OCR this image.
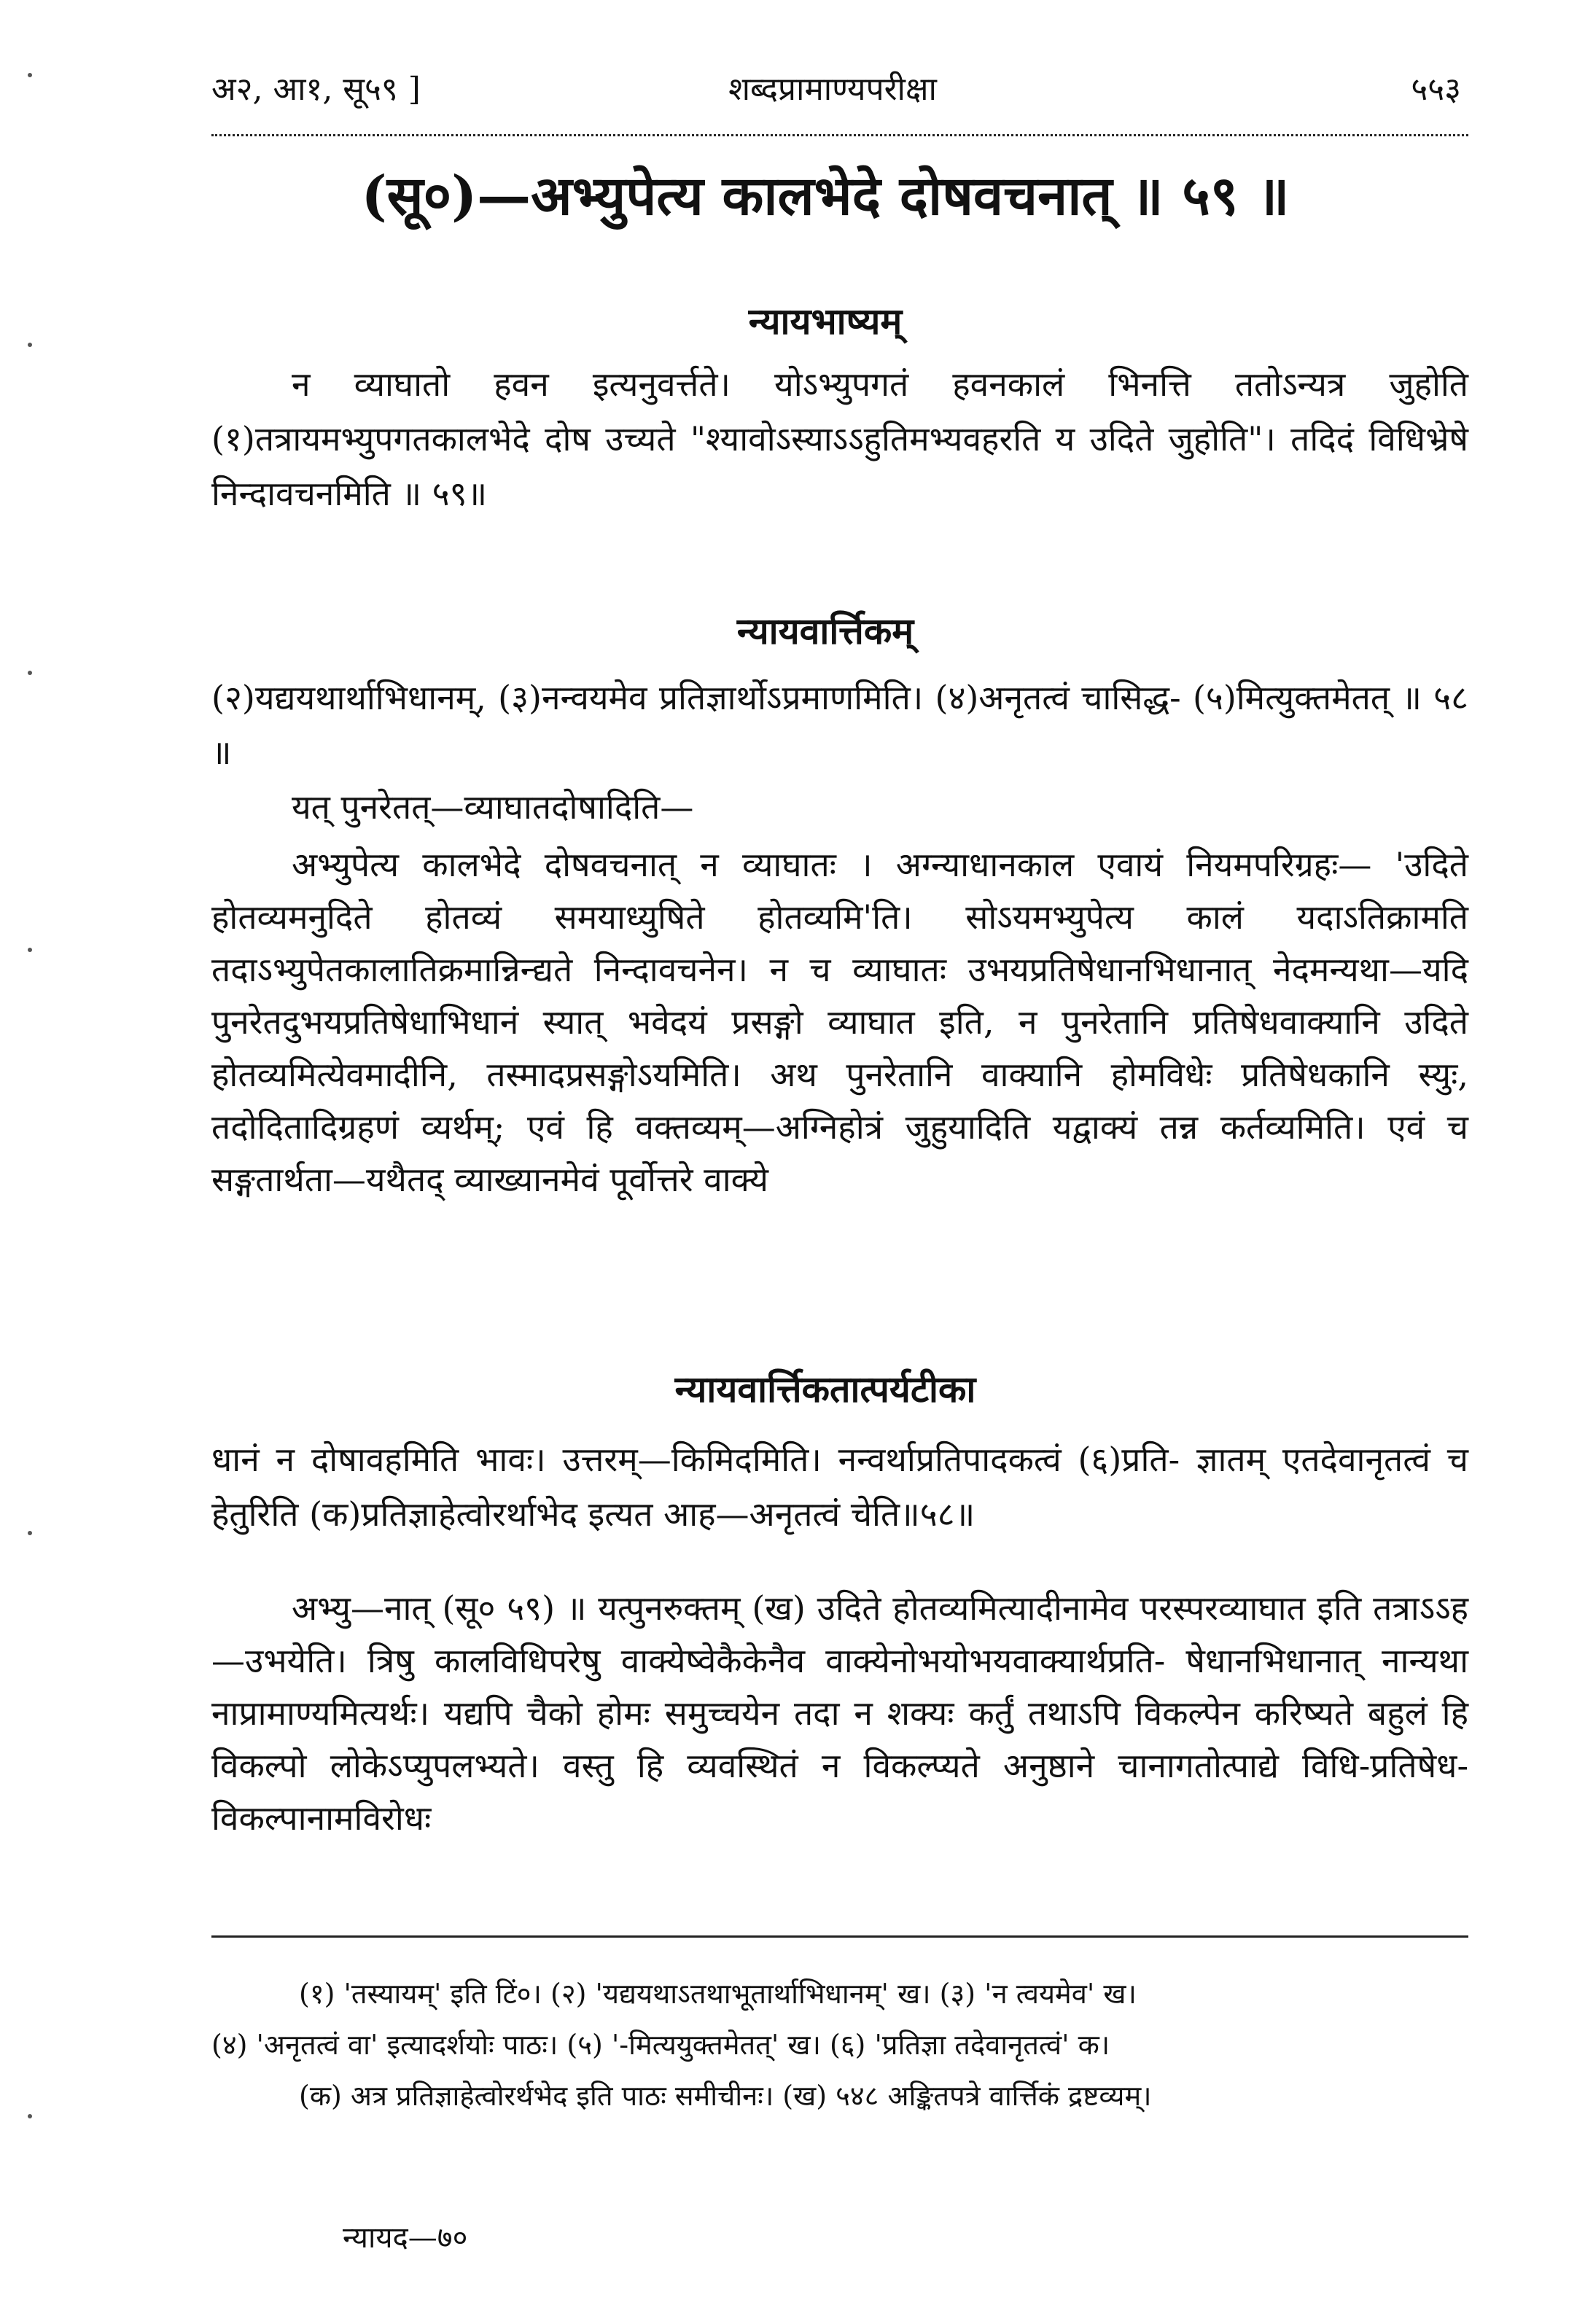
अ२, आ१, सू५९ ]	शब्दप्रामाण्यपरीक्षा	५५३
(सू०)—अभ्युपेत्य कालभेदे दोषवचनात् ॥ ५९ ॥
न्यायभाष्यम्
न व्याघातो हवन इत्यनुवर्त्तते। योऽभ्युपगतं हवनकालं भिनत्ति ततोऽन्यत्र जुहोति (१)तत्रायमभ्युपगतकालभेदे दोष उच्यते "श्यावोऽस्याऽऽहुतिमभ्यवहरति य उदिते जुहोति"। तदिदं विधिभ्रेषे निन्दावचनमिति ॥ ५९॥
न्यायवार्त्तिकम्
(२)यद्ययथार्थाभिधानम्, (३)नन्वयमेव प्रतिज्ञार्थोऽप्रमाणमिति। (४)अनृतत्वं चासिद्ध- (५)मित्युक्तमेतत् ॥ ५८ ॥
यत् पुनरेतत्—व्याघातदोषादिति—
अभ्युपेत्य कालभेदे दोषवचनात् न व्याघातः । अग्न्याधानकाल एवायं नियमपरिग्रहः— 'उदिते होतव्यमनुदिते होतव्यं समयाध्युषिते होतव्यमि'ति। सोऽयमभ्युपेत्य कालं यदाऽतिक्रामति तदाऽभ्युपेतकालातिक्रमान्निन्द्यते निन्दावचनेन। न च व्याघातः उभयप्रतिषेधानभिधानात् नेदमन्यथा—यदि पुनरेतदुभयप्रतिषेधाभिधानं स्यात् भवेदयं प्रसङ्गो व्याघात इति, न पुनरेतानि प्रतिषेधवाक्यानि उदिते होतव्यमित्येवमादीनि, तस्मादप्रसङ्गोऽयमिति। अथ पुनरेतानि वाक्यानि होमविधेः प्रतिषेधकानि स्युः, तदोदितादिग्रहणं व्यर्थम्; एवं हि वक्तव्यम्—अग्निहोत्रं जुहुयादिति यद्वाक्यं तन्न कर्तव्यमिति। एवं च सङ्गतार्थता—यथैतद् व्याख्यानमेवं पूर्वोत्तरे वाक्ये
न्यायवार्त्तिकतात्पर्यटीका
धानं न दोषावहमिति भावः। उत्तरम्—किमिदमिति। नन्वर्थाप्रतिपादकत्वं (६)प्रति- ज्ञातम् एतदेवानृतत्वं च हेतुरिति (क)प्रतिज्ञाहेत्वोरर्थाभेद इत्यत आह—अनृतत्वं चेति॥५८॥
अभ्यु—नात् (सू० ५९) ॥ यत्पुनरुक्तम् (ख) उदिते होतव्यमित्यादीनामेव परस्परव्याघात इति तत्राऽऽह—उभयेति। त्रिषु कालविधिपरेषु वाक्येष्वेकैकेनैव वाक्येनोभयोभयवाक्यार्थप्रति- षेधानभिधानात् नान्यथा नाप्रामाण्यमित्यर्थः। यद्यपि चैको होमः समुच्चयेन तदा न शक्यः कर्तुं तथाऽपि विकल्पेन करिष्यते बहुलं हि विकल्पो लोकेऽप्युपलभ्यते। वस्तु हि व्यवस्थितं न विकल्प्यते अनुष्ठाने चानागतोत्पाद्ये विधि-प्रतिषेध-विकल्पानामविरोधः
(१) 'तस्यायम्' इति टिं०। (२) 'यद्ययथाऽतथाभूतार्थाभिधानम्' ख। (३) 'न त्वयमेव' ख।
(४) 'अनृतत्वं वा' इत्यादर्शयोः पाठः। (५) '-मित्ययुक्तमेतत्' ख। (६) 'प्रतिज्ञा तदेवानृतत्वं' क।
(क) अत्र प्रतिज्ञाहेत्वोरर्थभेद इति पाठः समीचीनः। (ख) ५४८ अङ्कितपत्रे वार्त्तिकं द्रष्टव्यम्।
न्यायद—७०
